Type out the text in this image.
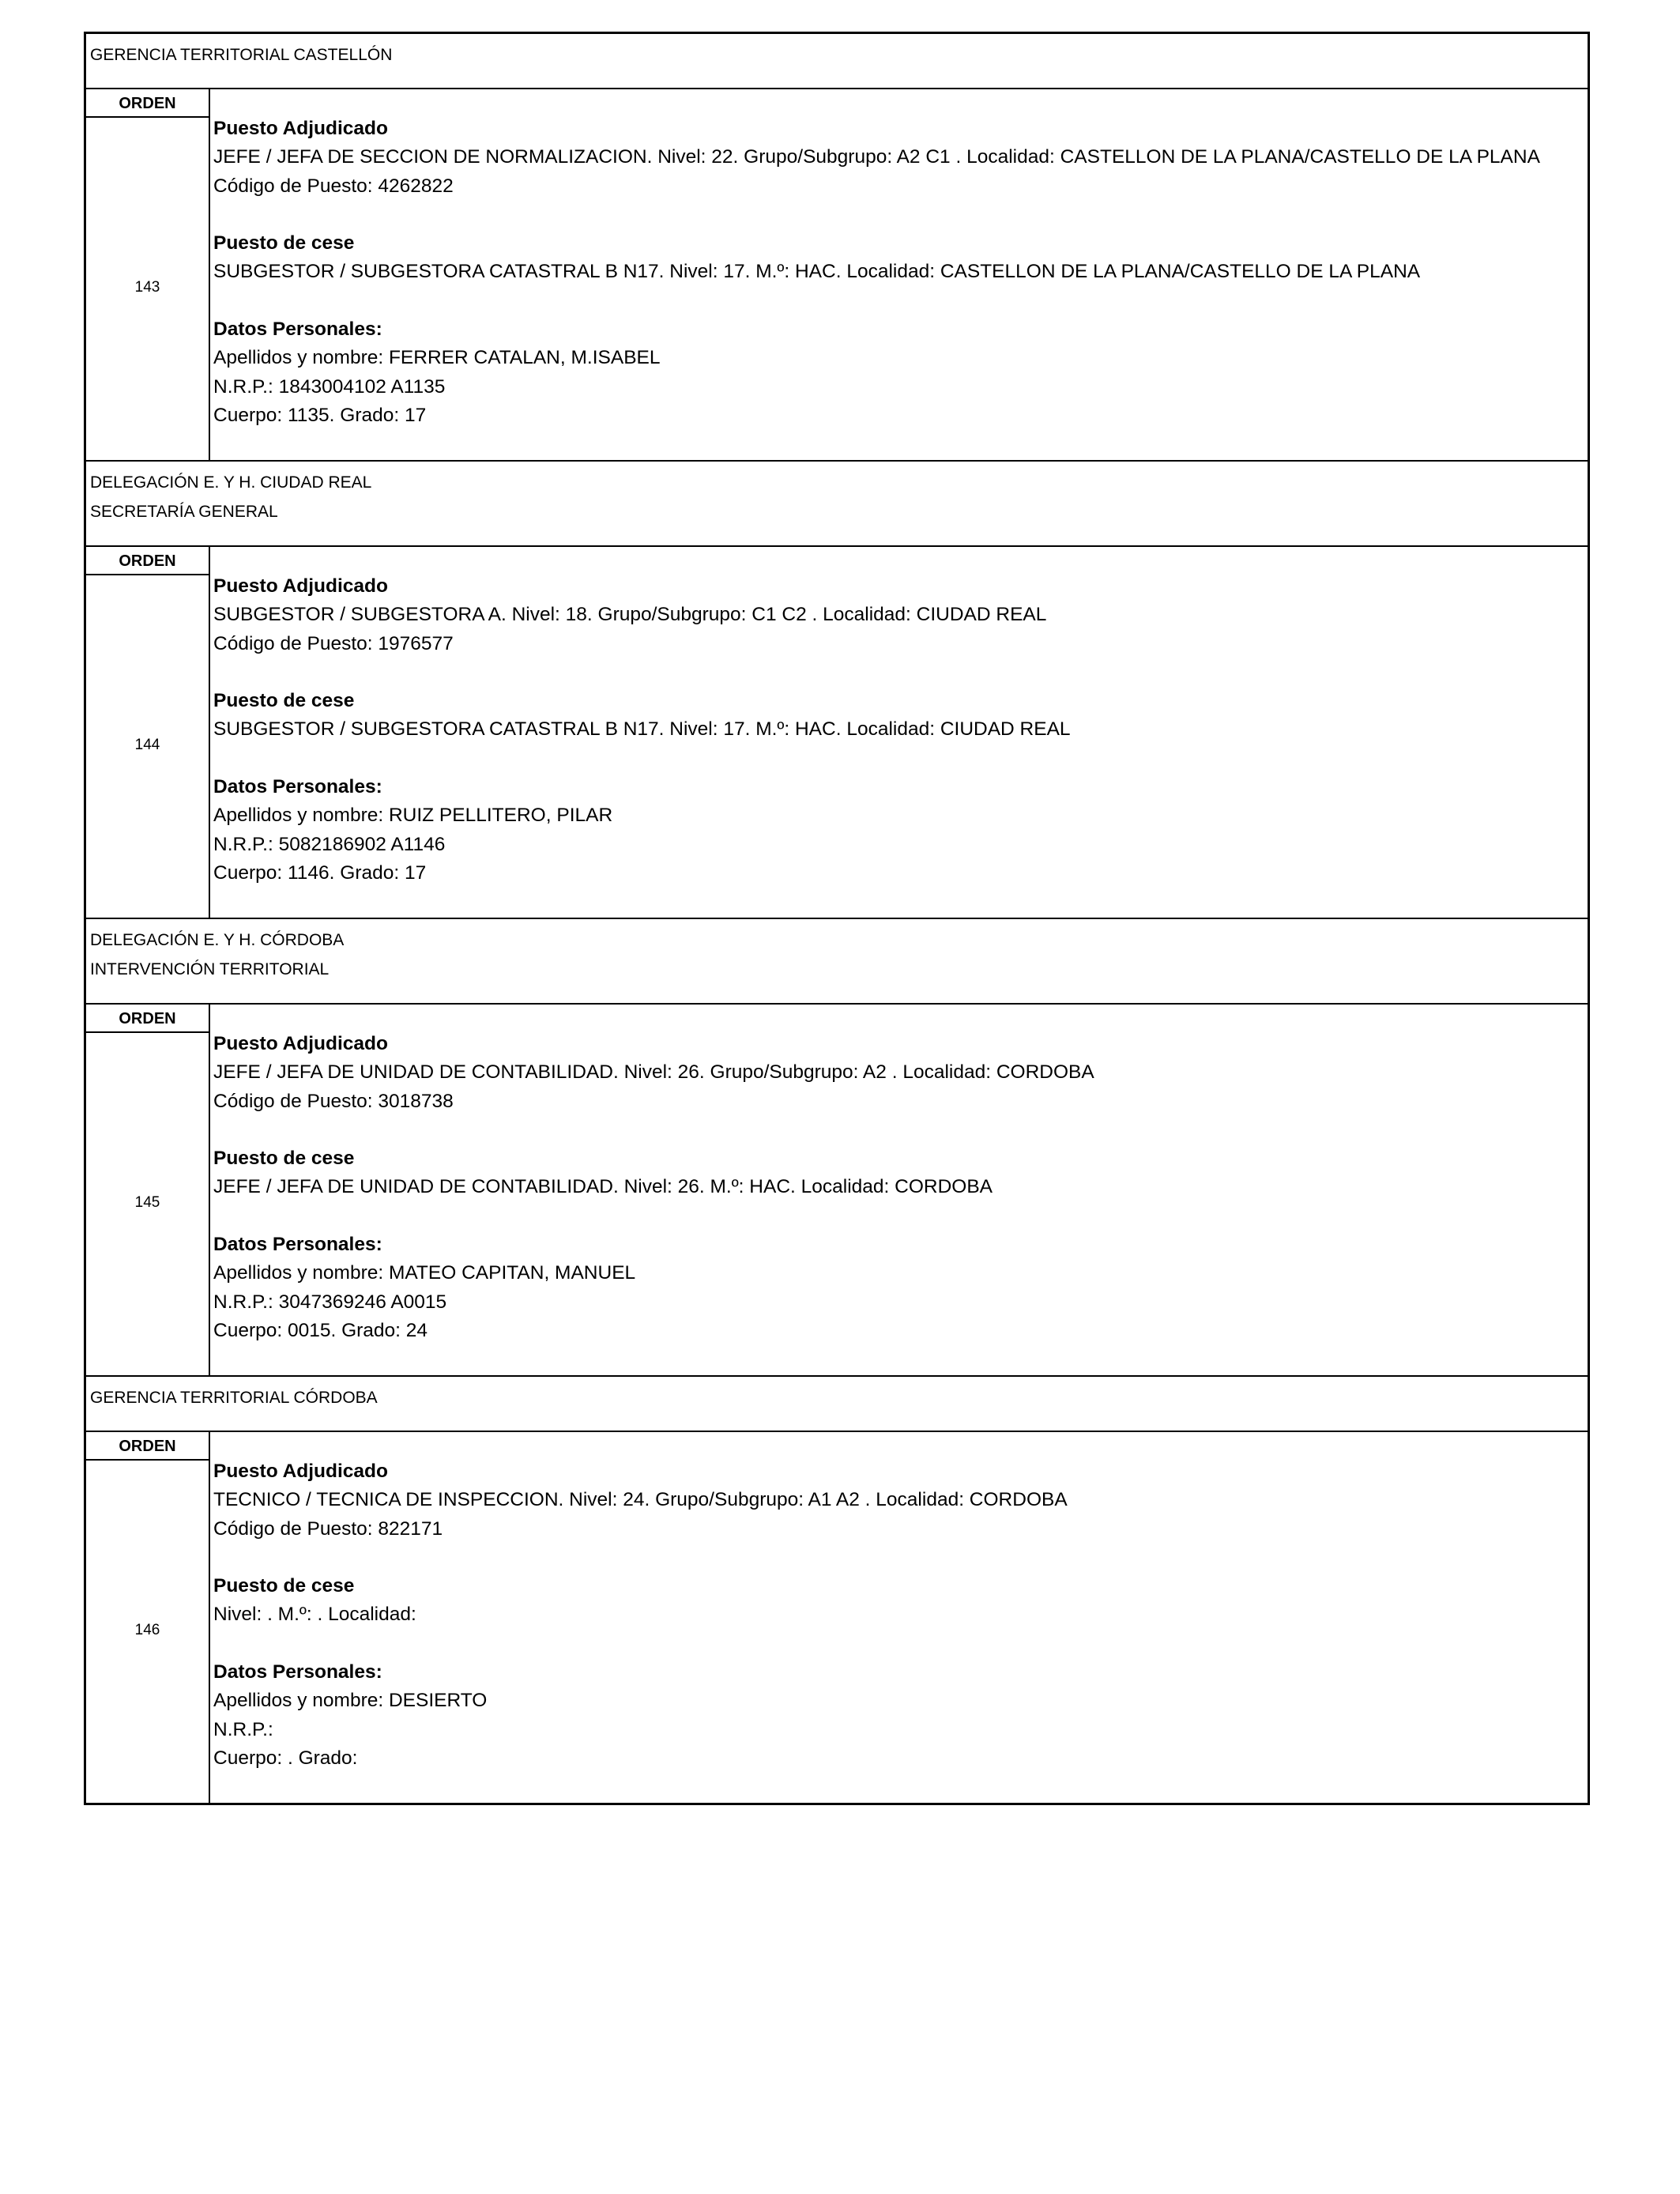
GERENCIA TERRITORIAL CASTELLÓN
ORDEN
143
Puesto Adjudicado
JEFE / JEFA DE SECCION DE NORMALIZACION. Nivel: 22. Grupo/Subgrupo: A2 C1 . Localidad: CASTELLON DE LA PLANA/CASTELLO DE LA PLANA
Código de Puesto: 4262822
Puesto de cese
SUBGESTOR / SUBGESTORA CATASTRAL B N17. Nivel: 17. M.º: HAC. Localidad: CASTELLON DE LA PLANA/CASTELLO DE LA PLANA
Datos Personales:
Apellidos y nombre: FERRER CATALAN, M.ISABEL
N.R.P.: 1843004102 A1135
Cuerpo: 1135. Grado: 17
DELEGACIÓN E. Y H. CIUDAD REAL
SECRETARÍA GENERAL
ORDEN
144
Puesto Adjudicado
SUBGESTOR / SUBGESTORA A. Nivel: 18. Grupo/Subgrupo: C1 C2 . Localidad: CIUDAD REAL
Código de Puesto: 1976577
Puesto de cese
SUBGESTOR / SUBGESTORA CATASTRAL B N17. Nivel: 17. M.º: HAC. Localidad: CIUDAD REAL
Datos Personales:
Apellidos y nombre: RUIZ PELLITERO, PILAR
N.R.P.: 5082186902 A1146
Cuerpo: 1146. Grado: 17
DELEGACIÓN E. Y H. CÓRDOBA
INTERVENCIÓN TERRITORIAL
ORDEN
145
Puesto Adjudicado
JEFE / JEFA DE UNIDAD DE CONTABILIDAD. Nivel: 26. Grupo/Subgrupo: A2 . Localidad: CORDOBA
Código de Puesto: 3018738
Puesto de cese
JEFE / JEFA DE UNIDAD DE CONTABILIDAD. Nivel: 26. M.º: HAC. Localidad: CORDOBA
Datos Personales:
Apellidos y nombre: MATEO CAPITAN, MANUEL
N.R.P.: 3047369246 A0015
Cuerpo: 0015. Grado: 24
GERENCIA TERRITORIAL CÓRDOBA
ORDEN
146
Puesto Adjudicado
TECNICO / TECNICA DE INSPECCION. Nivel: 24. Grupo/Subgrupo: A1 A2 . Localidad: CORDOBA
Código de Puesto: 822171
Puesto de cese
Nivel: . M.º: . Localidad:
Datos Personales:
Apellidos y nombre: DESIERTO
N.R.P.:
Cuerpo: . Grado:
